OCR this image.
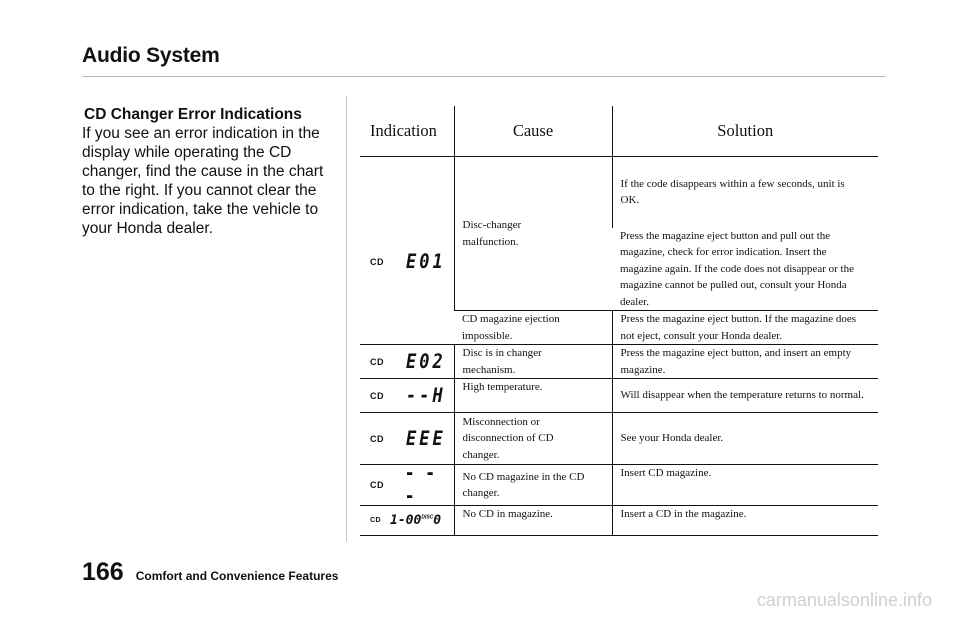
Audio System
CD Changer Error Indications
If you see an error indication in the display while operating the CD changer, find the cause in the chart to the right. If you cannot clear the error indication, take the vehicle to your Honda dealer.
Indication	Cause	Solution

CD E01	Disc-changer malfunction.	If the code disappears within a few seconds, unit is OK.

		Press the magazine eject button and pull out the magazine, check for error indication. Insert the magazine again. If the code does not disappear or the magazine cannot be pulled out, consult your Honda dealer.

	CD magazine ejection impossible.	Press the magazine eject button. If the magazine does not eject, consult your Honda dealer.

CD E02	Disc is in changer mechanism.	Press the magazine eject button, and insert an empty magazine.

CD --H	High temperature.	Will disappear when the temperature returns to normal.

CD EEE	Misconnection or disconnection of CD changer.	See your Honda dealer.

CD - - -	No CD magazine in the CD changer.	Insert CD magazine.

CD $1-00^{DISC}0$	No CD in magazine.	Insert a CD in the magazine.
166 Comfort and Convenience Features
carmanualsonline.info
